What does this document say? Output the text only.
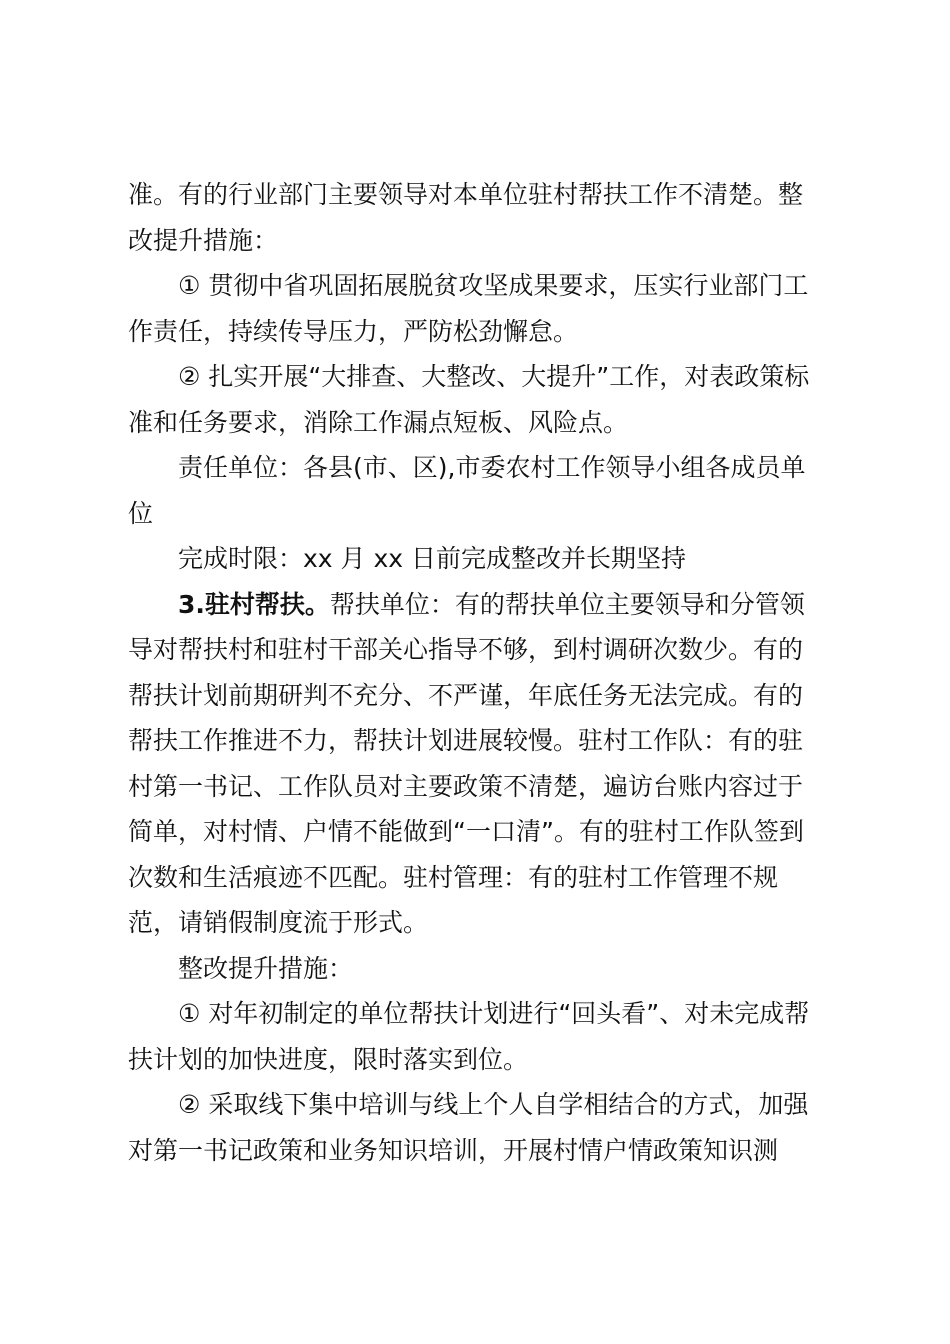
准。有的行业部门主要领导对本单位驻村帮扶工作不清楚。整改提升措施：

① 贯彻中省巩固拓展脱贫攻坚成果要求，压实行业部门工作责任，持续传导压力，严防松劲懈怠。

② 扎实开展“大排查、大整改、大提升”工作，对表政策标准和任务要求，消除工作漏点短板、风险点。

责任单位：各县(市、区),市委农村工作领导小组各成员单位

完成时限：xx 月 xx 日前完成整改并长期坚持

3.驻村帮扶。帮扶单位：有的帮扶单位主要领导和分管领导对帮扶村和驻村干部关心指导不够，到村调研次数少。有的帮扶计划前期研判不充分、不严谨，年底任务无法完成。有的帮扶工作推进不力，帮扶计划进展较慢。驻村工作队：有的驻村第一书记、工作队员对主要政策不清楚，遍访台账内容过于简单，对村情、户情不能做到“一口清”。有的驻村工作队签到次数和生活痕迹不匹配。驻村管理：有的驻村工作管理不规范，请销假制度流于形式。

整改提升措施：

① 对年初制定的单位帮扶计划进行“回头看”、对未完成帮扶计划的加快进度，限时落实到位。

② 采取线下集中培训与线上个人自学相结合的方式，加强对第一书记政策和业务知识培训，开展村情户情政策知识测
